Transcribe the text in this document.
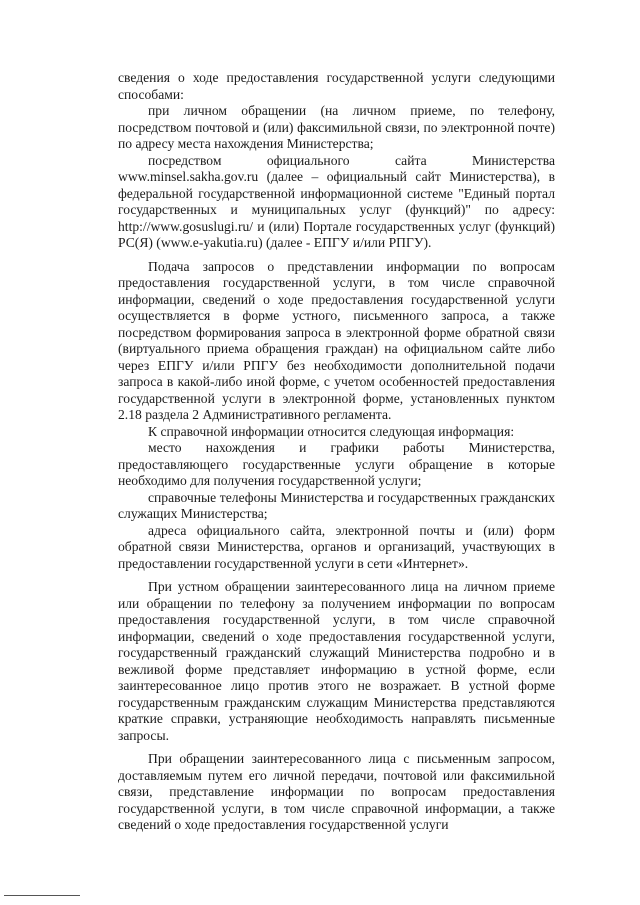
сведения о ходе предоставления государственной услуги следующими способами:

при личном обращении (на личном приеме, по телефону, посредством почтовой и (или) факсимильной связи, по электронной почте) по адресу места нахождения Министерства;

посредством официального сайта Министерства www.minsel.sakha.gov.ru (далее – официальный сайт Министерства), в федеральной государственной информационной системе "Единый портал государственных и муниципальных услуг (функций)" по адресу: http://www.gosuslugi.ru/ и (или) Портале государственных услуг (функций) РС(Я) (www.e-yakutia.ru) (далее - ЕПГУ и/или РПГУ).

Подача запросов о представлении информации по вопросам предоставления государственной услуги, в том числе справочной информации, сведений о ходе предоставления государственной услуги осуществляется в форме устного, письменного запроса, а также посредством формирования запроса в электронной форме обратной связи (виртуального приема обращения граждан) на официальном сайте либо через ЕПГУ и/или РПГУ без необходимости дополнительной подачи запроса в какой-либо иной форме, с учетом особенностей предоставления государственной услуги в электронной форме, установленных пунктом 2.18 раздела 2 Административного регламента.

К справочной информации относится следующая информация:

место нахождения и графики работы Министерства, предоставляющего государственные услуги обращение в которые необходимо для получения государственной услуги;

справочные телефоны Министерства и государственных гражданских служащих Министерства;

адреса официального сайта, электронной почты и (или) форм обратной связи Министерства, органов и организаций, участвующих в предоставлении государственной услуги в сети «Интернет».

При устном обращении заинтересованного лица на личном приеме или обращении по телефону за получением информации по вопросам предоставления государственной услуги, в том числе справочной информации, сведений о ходе предоставления государственной услуги, государственный гражданский служащий Министерства подробно и в вежливой форме представляет информацию в устной форме, если заинтересованное лицо против этого не возражает. В устной форме государственным гражданским служащим Министерства представляются краткие справки, устраняющие необходимость направлять письменные запросы.

При обращении заинтересованного лица с письменным запросом, доставляемым путем его личной передачи, почтовой или факсимильной связи, представление информации по вопросам предоставления государственной услуги, в том числе справочной информации, а также сведений о ходе предоставления государственной услуги
